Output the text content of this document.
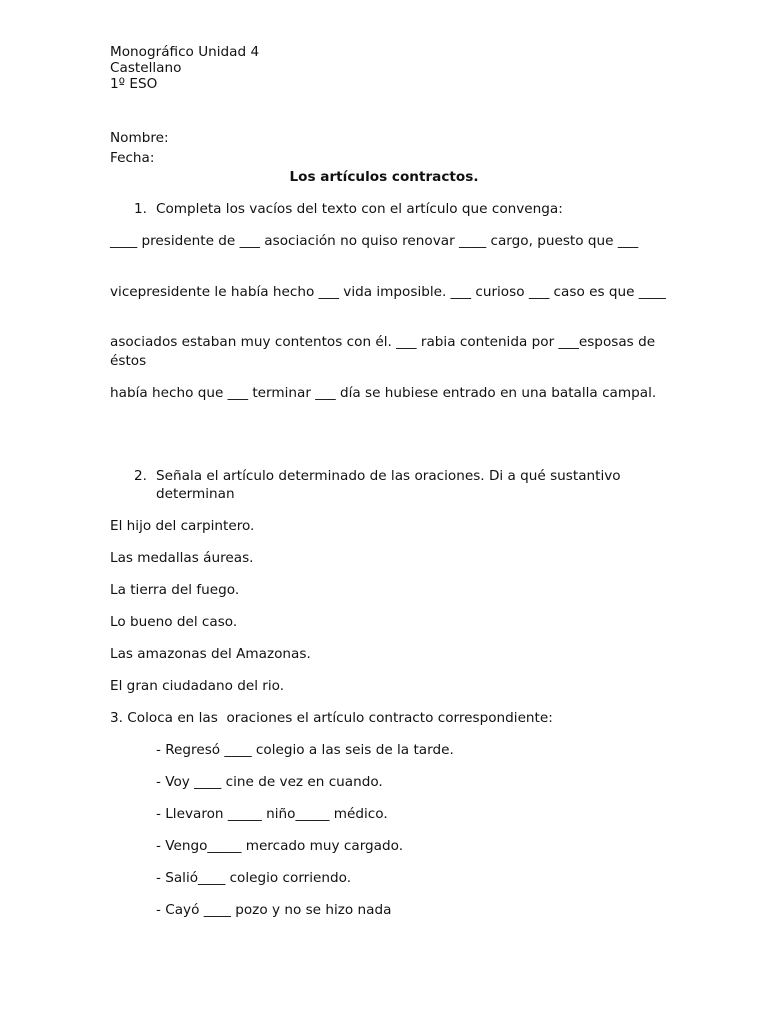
Monográfico Unidad 4
Castellano
1º ESO
Nombre:
Fecha:
Los artículos contractos.
1. Completa los vacíos del texto con el artículo que convenga:
____ presidente de ___ asociación no quiso renovar ____ cargo, puesto que ___
vicepresidente le había hecho ___ vida imposible. ___ curioso ___ caso es que ____
asociados estaban muy contentos con él. ___ rabia contenida por ___esposas de éstos
había hecho que ___ terminar ___ día se hubiese entrado en una batalla campal.
2. Señala el artículo determinado de las oraciones. Di a qué sustantivo determinan
El hijo del carpintero.
Las medallas áureas.
La tierra del fuego.
Lo bueno del caso.
Las amazonas del Amazonas.
El gran ciudadano del rio.
3. Coloca en las  oraciones el artículo contracto correspondiente:
- Regresó ____ colegio a las seis de la tarde.
- Voy ____ cine de vez en cuando.
- Llevaron _____ niño_____ médico.
- Vengo_____ mercado muy cargado.
- Salió____ colegio corriendo.
- Cayó ____ pozo y no se hizo nada
